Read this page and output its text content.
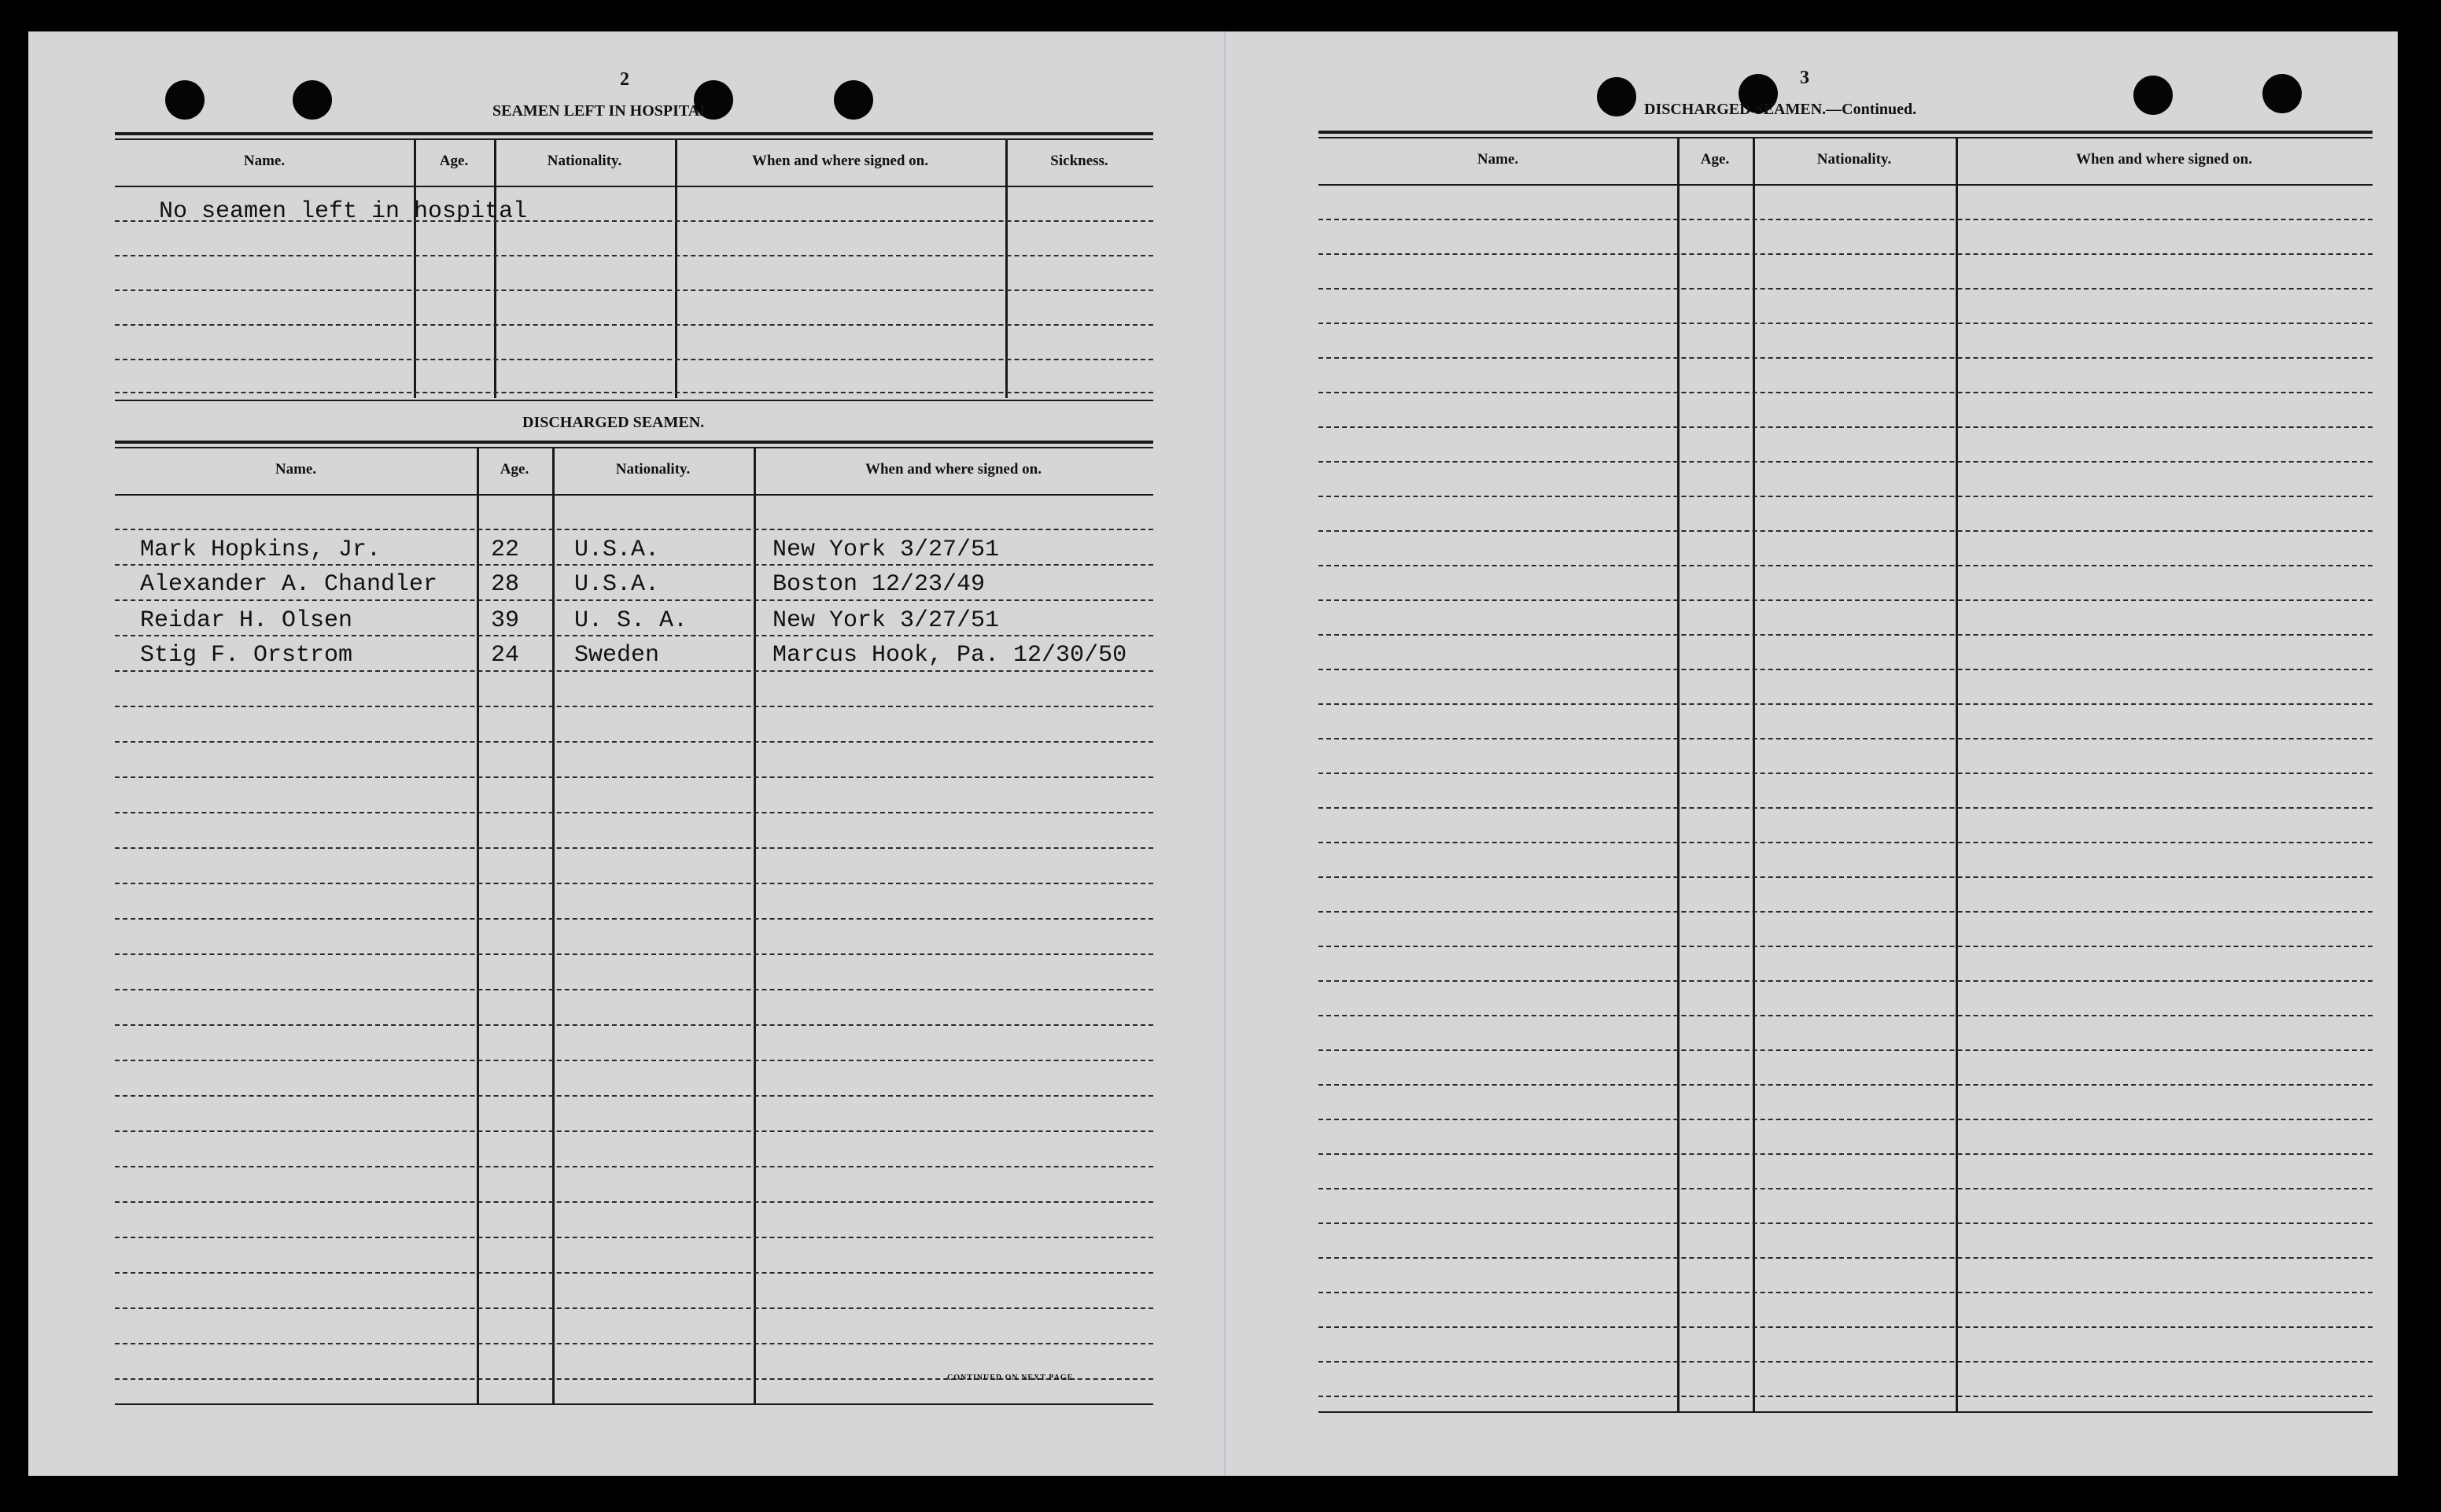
2
SEAMEN LEFT IN HOSPITAL.
Name.	Age.	Nationality.	When and where signed on.	Sickness.
No seamen left in hospital
DISCHARGED SEAMEN.
Name.	Age.	Nationality.	When and where signed on.
Mark Hopkins, Jr.	22 U.S.A.	New York 3/27/51
Alexander A. Chandler 28 U.S.A.	Boston 12/23/49
Reidar H. Olsen	39 U. S. A.	New York 3/27/51
Stig F. Orstrom	24 Sweden	Marcus Hook, Pa. 12/30/50
CONTINUED ON NEXT PAGE.
3
DISCHARGED SEAMEN.—Continued.
Name.	Age.	Nationality.	When and where signed on.
